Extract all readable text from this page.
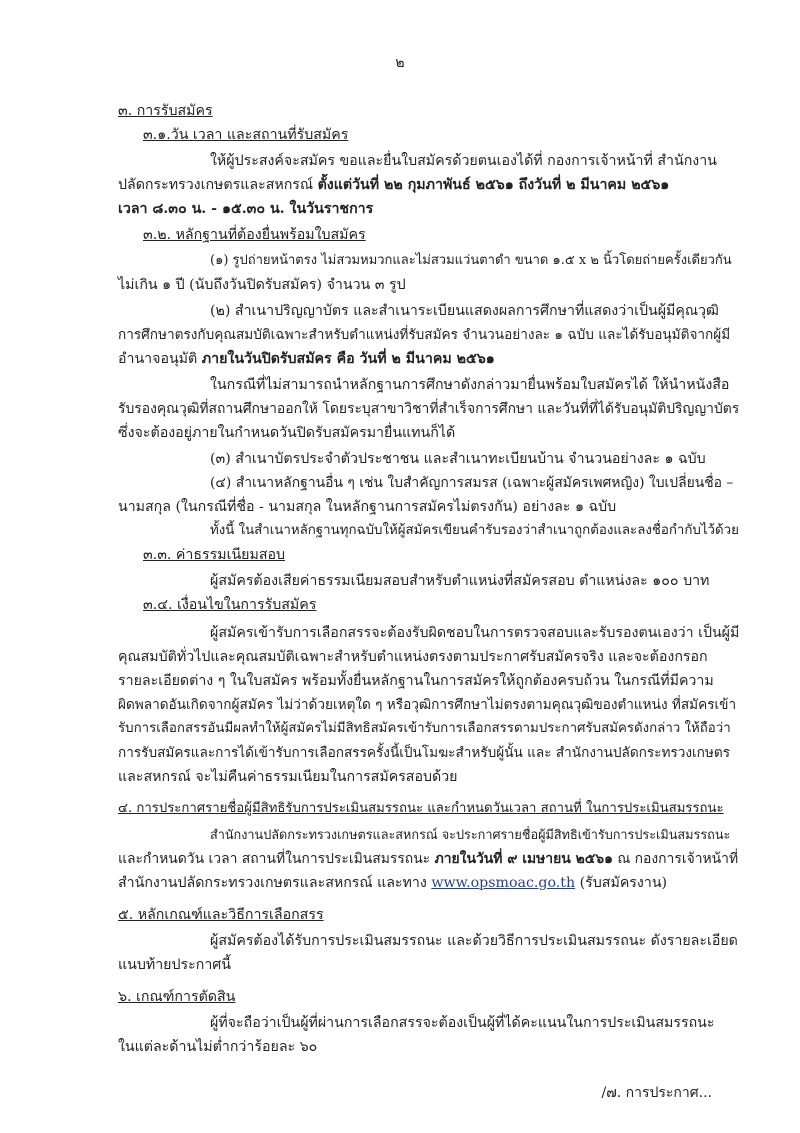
๒
๓. การรับสมัคร
๓.๑.วัน เวลา และสถานที่รับสมัคร
ให้ผู้ประสงค์จะสมัคร ขอและยื่นใบสมัครด้วยตนเองได้ที่ กองการเจ้าหน้าที่ สำนักงาน
ปลัดกระทรวงเกษตรและสหกรณ์ ตั้งแต่วันที่ ๒๒ กุมภาพันธ์ ๒๕๖๑ ถึงวันที่ ๒ มีนาคม ๒๕๖๑
เวลา ๘.๓๐ น. - ๑๕.๓๐ น. ในวันราชการ
๓.๒. หลักฐานที่ต้องยื่นพร้อมใบสมัคร
(๑) รูปถ่ายหน้าตรง ไม่สวมหมวกและไม่สวมแว่นตาดำ ขนาด ๑.๕ x ๒ นิ้วโดยถ่ายครั้งเดียวกัน
ไม่เกิน ๑ ปี (นับถึงวันปิดรับสมัคร) จำนวน ๓ รูป
(๒) สำเนาปริญญาบัตร และสำเนาระเบียนแสดงผลการศึกษาที่แสดงว่าเป็นผู้มีคุณวุฒิ
การศึกษาตรงกับคุณสมบัติเฉพาะสำหรับตำแหน่งที่รับสมัคร จำนวนอย่างละ ๑ ฉบับ และได้รับอนุมัติจากผู้มี
อำนาจอนุมัติ ภายในวันปิดรับสมัคร คือ วันที่ ๒ มีนาคม ๒๕๖๑
ในกรณีที่ไม่สามารถนำหลักฐานการศึกษาดังกล่าวมายื่นพร้อมใบสมัครได้ ให้นำหนังสือ
รับรองคุณวุฒิที่สถานศึกษาออกให้ โดยระบุสาขาวิชาที่สำเร็จการศึกษา และวันที่ที่ได้รับอนุมัติปริญญาบัตร
ซึ่งจะต้องอยู่ภายในกำหนดวันปิดรับสมัครมายื่นแทนก็ได้
(๓) สำเนาบัตรประจำตัวประชาชน และสำเนาทะเบียนบ้าน จำนวนอย่างละ ๑ ฉบับ
(๔) สำเนาหลักฐานอื่น ๆ เช่น ใบสำคัญการสมรส (เฉพาะผู้สมัครเพศหญิง) ใบเปลี่ยนชื่อ –
นามสกุล (ในกรณีที่ชื่อ - นามสกุล ในหลักฐานการสมัครไม่ตรงกัน) อย่างละ ๑ ฉบับ
ทั้งนี้ ในสำเนาหลักฐานทุกฉบับให้ผู้สมัครเขียนคำรับรองว่าสำเนาถูกต้องและลงชื่อกำกับไว้ด้วย
๓.๓. ค่าธรรมเนียมสอบ
ผู้สมัครต้องเสียค่าธรรมเนียมสอบสำหรับตำแหน่งที่สมัครสอบ ตำแหน่งละ ๑๐๐ บาท
๓.๔. เงื่อนไขในการรับสมัคร
ผู้สมัครเข้ารับการเลือกสรรจะต้องรับผิดชอบในการตรวจสอบและรับรองตนเองว่า เป็นผู้มี
คุณสมบัติทั่วไปและคุณสมบัติเฉพาะสำหรับตำแหน่งตรงตามประกาศรับสมัครจริง และจะต้องกรอก
รายละเอียดต่าง ๆ ในใบสมัคร พร้อมทั้งยื่นหลักฐานในการสมัครให้ถูกต้องครบถ้วน ในกรณีที่มีความ
ผิดพลาดอันเกิดจากผู้สมัคร ไม่ว่าด้วยเหตุใด ๆ หรือวุฒิการศึกษาไม่ตรงตามคุณวุฒิของตำแหน่ง ที่สมัครเข้า
รับการเลือกสรรอันมีผลทำให้ผู้สมัครไม่มีสิทธิสมัครเข้ารับการเลือกสรรตามประกาศรับสมัครดังกล่าว ให้ถือว่า
การรับสมัครและการได้เข้ารับการเลือกสรรครั้งนี้เป็นโมฆะสำหรับผู้นั้น และ สำนักงานปลัดกระทรวงเกษตร
และสหกรณ์ จะไม่คืนค่าธรรมเนียมในการสมัครสอบด้วย
๔. การประกาศรายชื่อผู้มีสิทธิรับการประเมินสมรรถนะ และกำหนดวันเวลา สถานที่ ในการประเมินสมรรถนะ
สำนักงานปลัดกระทรวงเกษตรและสหกรณ์ จะประกาศรายชื่อผู้มีสิทธิเข้ารับการประเมินสมรรถนะ
และกำหนดวัน เวลา สถานที่ในการประเมินสมรรถนะ ภายในวันที่ ๙ เมษายน ๒๕๖๑ ณ กองการเจ้าหน้าที่
สำนักงานปลัดกระทรวงเกษตรและสหกรณ์ และทาง www.opsmoac.go.th (รับสมัครงาน)
๕. หลักเกณฑ์และวิธีการเลือกสรร
ผู้สมัครต้องได้รับการประเมินสมรรถนะ และด้วยวิธีการประเมินสมรรถนะ ดังรายละเอียด
แนบท้ายประกาศนี้
๖. เกณฑ์การตัดสิน
ผู้ที่จะถือว่าเป็นผู้ที่ผ่านการเลือกสรรจะต้องเป็นผู้ที่ได้คะแนนในการประเมินสมรรถนะ
ในแต่ละด้านไม่ต่ำกว่าร้อยละ ๖๐
/๗. การประกาศ...
